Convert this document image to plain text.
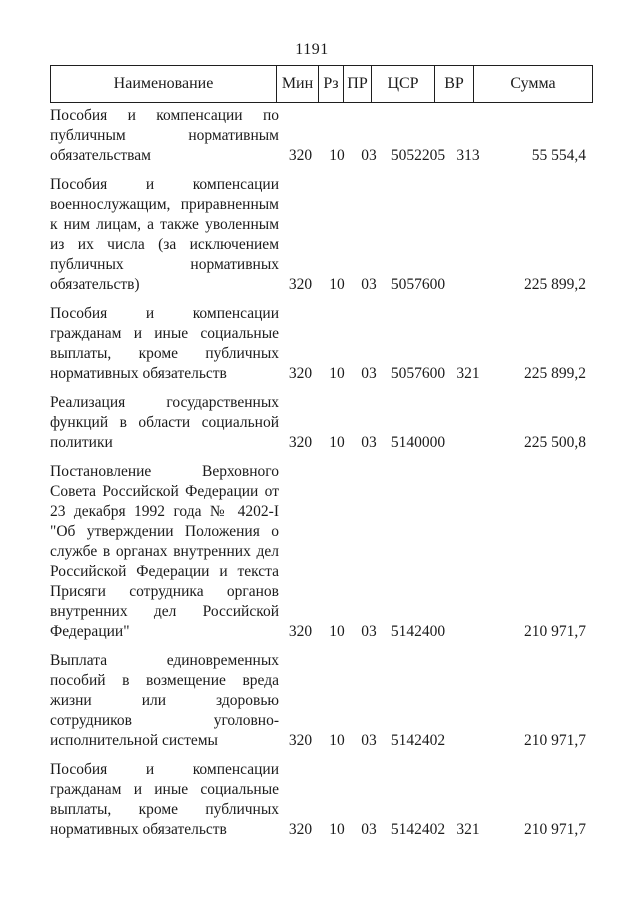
1191
Наименование	Мин Рз ПР	ЦСР	ВР	Сумма
Пособия и компенсации по
публичным нормативным
обязательствам	320	10	03 5052205 313	55 554,4
Пособия и компенсации
военнослужащим, приравненным
к ним лицам, а также уволенным
из их числа (за исключением
публичных нормативных
обязательств)	320	10	03 5057600	225 899,2
Пособия и компенсации
гражданам и иные социальные
выплаты, кроме публичных
нормативных обязательств	320	10	03 5057600 321	225 899,2
Реализация государственных
функций в области социальной
политики	320	10	03 5140000	225 500,8
Постановление Верховного
Совета Российской Федерации от
23 декабря 1992 года № 4202-I
"Об утверждении Положения о
службе в органах внутренних дел
Российской Федерации и текста
Присяги сотрудника органов
внутренних дел Российской
Федерации"	320	10	03 5142400	210 971,7
Выплата единовременных
пособий в возмещение вреда
жизни или здоровью
сотрудников уголовно-
исполнительной системы	320	10	03 5142402	210 971,7
Пособия и компенсации
гражданам и иные социальные
выплаты, кроме публичных
нормативных обязательств	320	10	03 5142402 321	210 971,7
